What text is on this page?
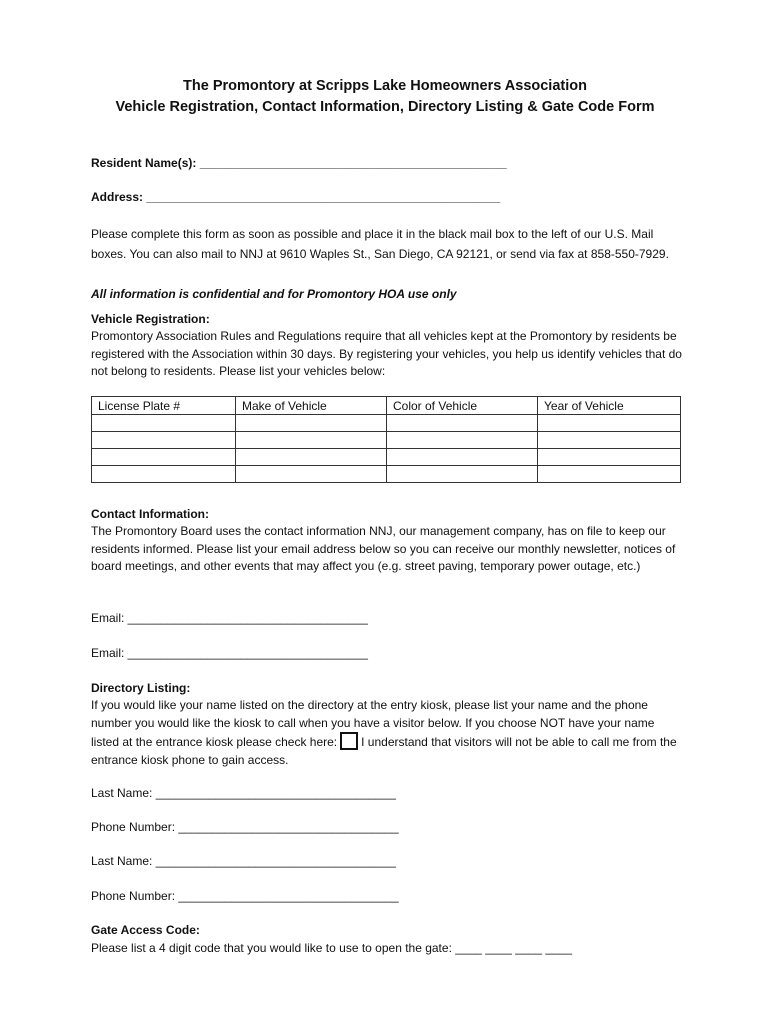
The Promontory at Scripps Lake Homeowners Association
Vehicle Registration, Contact Information, Directory Listing & Gate Code Form
Resident Name(s): ______________________________________________
Address: _____________________________________________________
Please complete this form as soon as possible and place it in the black mail box to the left of our U.S. Mail boxes. You can also mail to NNJ at 9610 Waples St., San Diego, CA 92121, or send via fax at 858-550-7929.
All information is confidential and for Promontory HOA use only
Vehicle Registration:
Promontory Association Rules and Regulations require that all vehicles kept at the Promontory by residents be registered with the Association within 30 days. By registering your vehicles, you help us identify vehicles that do not belong to residents. Please list your vehicles below:
License Plate #	Make of Vehicle	Color of Vehicle	Year of Vehicle

Contact Information:
The Promontory Board uses the contact information NNJ, our management company, has on file to keep our residents informed. Please list your email address below so you can receive our monthly newsletter, notices of board meetings, and other events that may affect you (e.g. street paving, temporary power outage, etc.)
Email: ____________________________________
Email: ____________________________________
Directory Listing:
If you would like your name listed on the directory at the entry kiosk, please list your name and the phone number you would like the kiosk to call when you have a visitor below. If you choose NOT have your name listed at the entrance kiosk please check here: I understand that visitors will not be able to call me from the entrance kiosk phone to gain access.
Last Name: ____________________________________
Phone Number: _________________________________
Last Name: ____________________________________
Phone Number: _________________________________
Gate Access Code:
Please list a 4 digit code that you would like to use to open the gate: ____ ____ ____ ____
